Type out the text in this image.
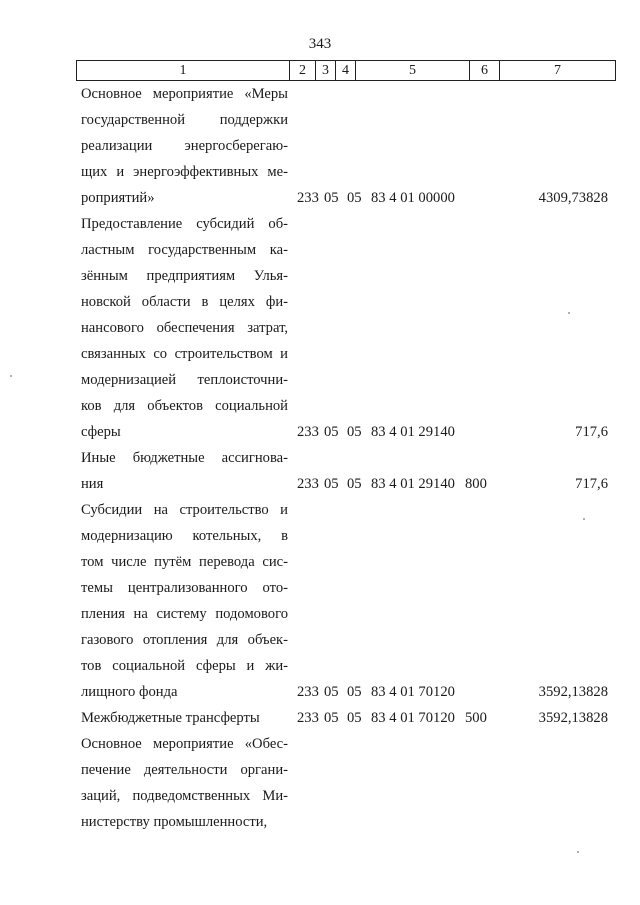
343
1	2	3	4	5	6	7
Основное мероприятие «Меры
государственной поддержки
реализации энергосберегаю-
щих и энергоэффективных ме-
роприятий»	233 05 05 83 4 01 00000	4309,73828
Предоставление субсидий об-
ластным государственным ка-
зённым предприятиям Улья-
новской области в целях фи-
нансового обеспечения затрат,
связанных со строительством и
модернизацией теплоисточни-
ков для объектов социальной
сферы	233 05 05 83 4 01 29140	717,6
Иные бюджетные ассигнова-
ния	233 05 05 83 4 01 29140 800	717,6
Субсидии на строительство и
модернизацию котельных, в
том числе путём перевода сис-
темы централизованного ото-
пления на систему подомового
газового отопления для объек-
тов социальной сферы и жи-
лищного фонда	233 05 05 83 4 01 70120	3592,13828
Межбюджетные трансферты	233 05 05 83 4 01 70120 500	3592,13828
Основное мероприятие «Обес-
печение деятельности органи-
заций, подведомственных Ми-
нистерству промышленности,
